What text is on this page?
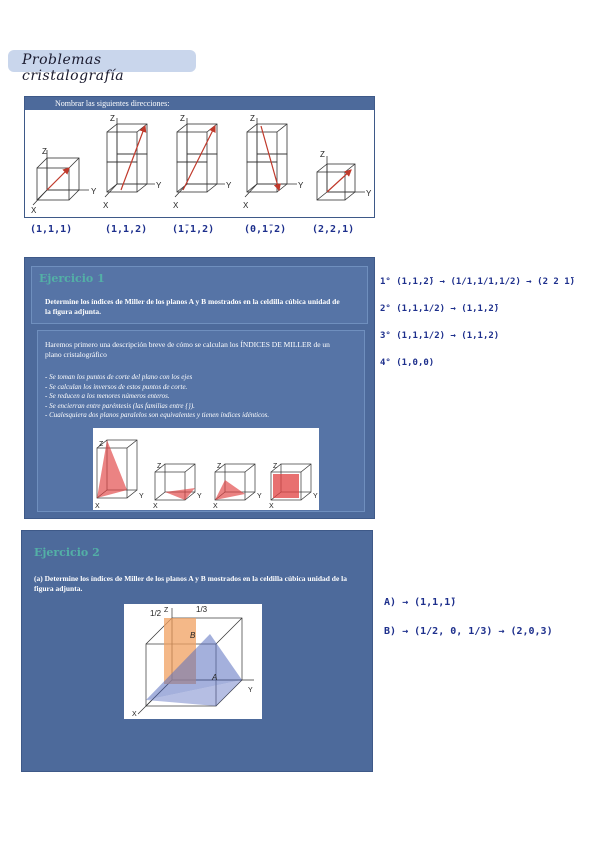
Problemas cristalografía
Nombrar las siguientes direcciones:
Z
Y
X
Z
Y
X
Z
Y
X
Z
Y
X
Z
Y
(1,1,1)	(1,1,2) (1̄,1,2)	(0,1̄,2)	(2,2,1)
Ejercicio 1
Determine los índices de Miller de los planos A y B mostrados en la celdilla cúbica unidad de la figura adjunta.
Haremos primero una descripción breve de cómo se calculan los ÍNDICES DE MILLER de un plano cristalográfico
- Se toman los puntos de corte del plano con los ejes
- Se calculan los inversos de estos puntos de corte.
- Se reducen a los menores números enteros.
- Se encierran entre paréntesis (las familias entre {}).
- Cualesquiera dos planos paralelos son equivalentes y tienen índices idénticos.
Z
Y
X
Z
Y
X
Z
Y
X
Z
Y
X
1° (1,1,2̄) → (1/1,1/1,1/2) → (2 2 1̄)
2° (1,1,1/2) → (1,1,2̄)
3° (1,1,1/2) → (1,1,2)
4° (1,0,0)
Ejercicio 2
(a) Determine los índices de Miller de los planos A y B mostrados en la celdilla cúbica unidad de la figura adjunta.
1/2	1/3
B
A
Z
Y
X
A) → (1,1,1̄)
B) → (1/2, 0, 1/3) → (2,0,3)
